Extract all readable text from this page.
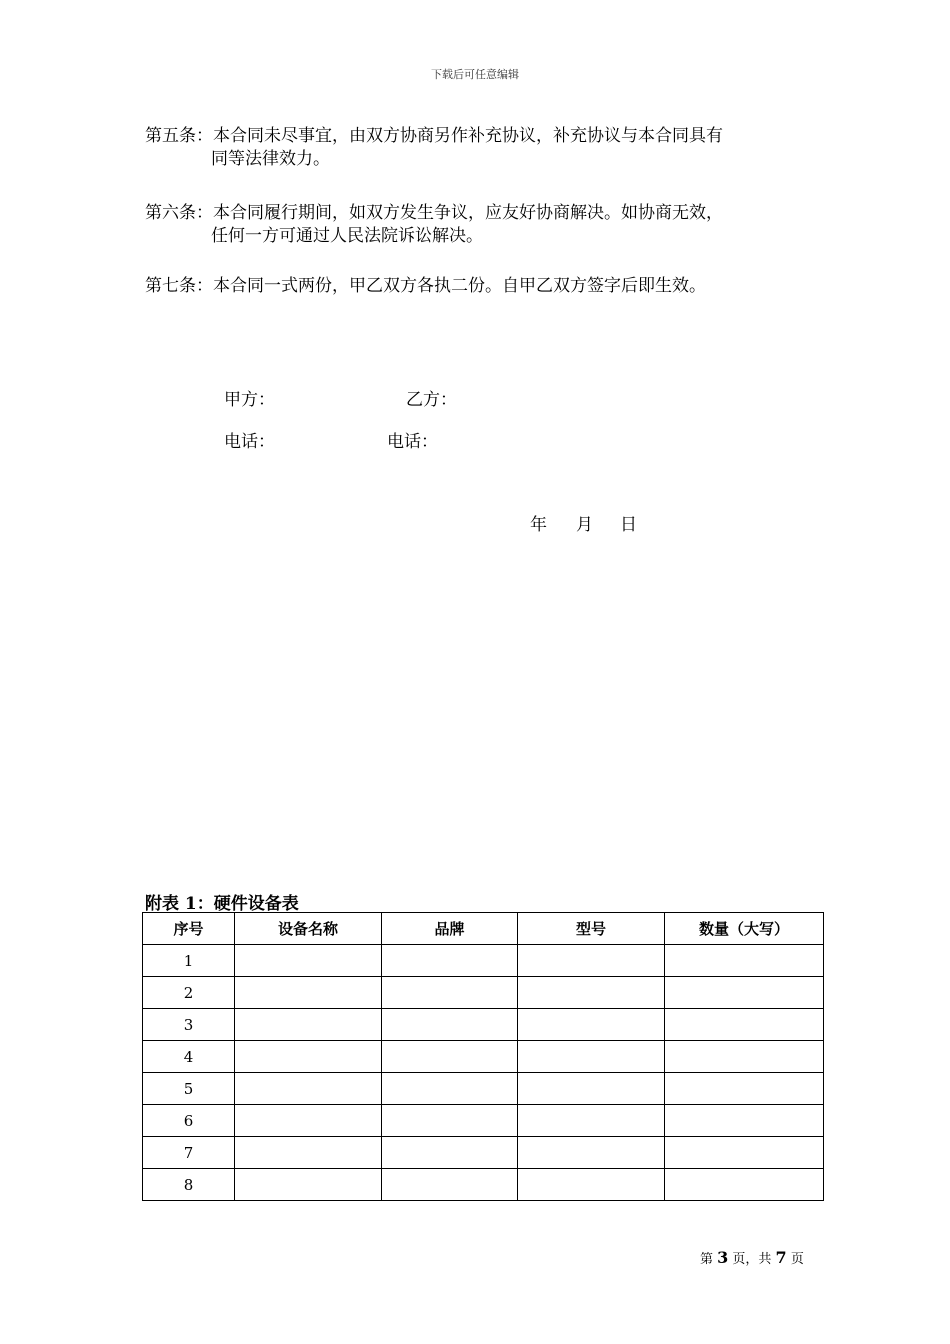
下载后可任意编辑
第五条：本合同未尽事宜，由双方协商另作补充协议，补充协议与本合同具有
同等法律效力。
第六条：本合同履行期间，如双方发生争议，应友好协商解决。如协商无效，
任何一方可通过人民法院诉讼解决。
第七条：本合同一式两份，甲乙双方各执二份。自甲乙双方签字后即生效。
甲方：	乙方：
电话：	电话：
年 月 日
附表 1：硬件设备表
序号	设备名称	品牌	型号	数量（大写）
1				
2				
3				
4				
5				
6				
7				
8				
第 3 页，共 7 页
